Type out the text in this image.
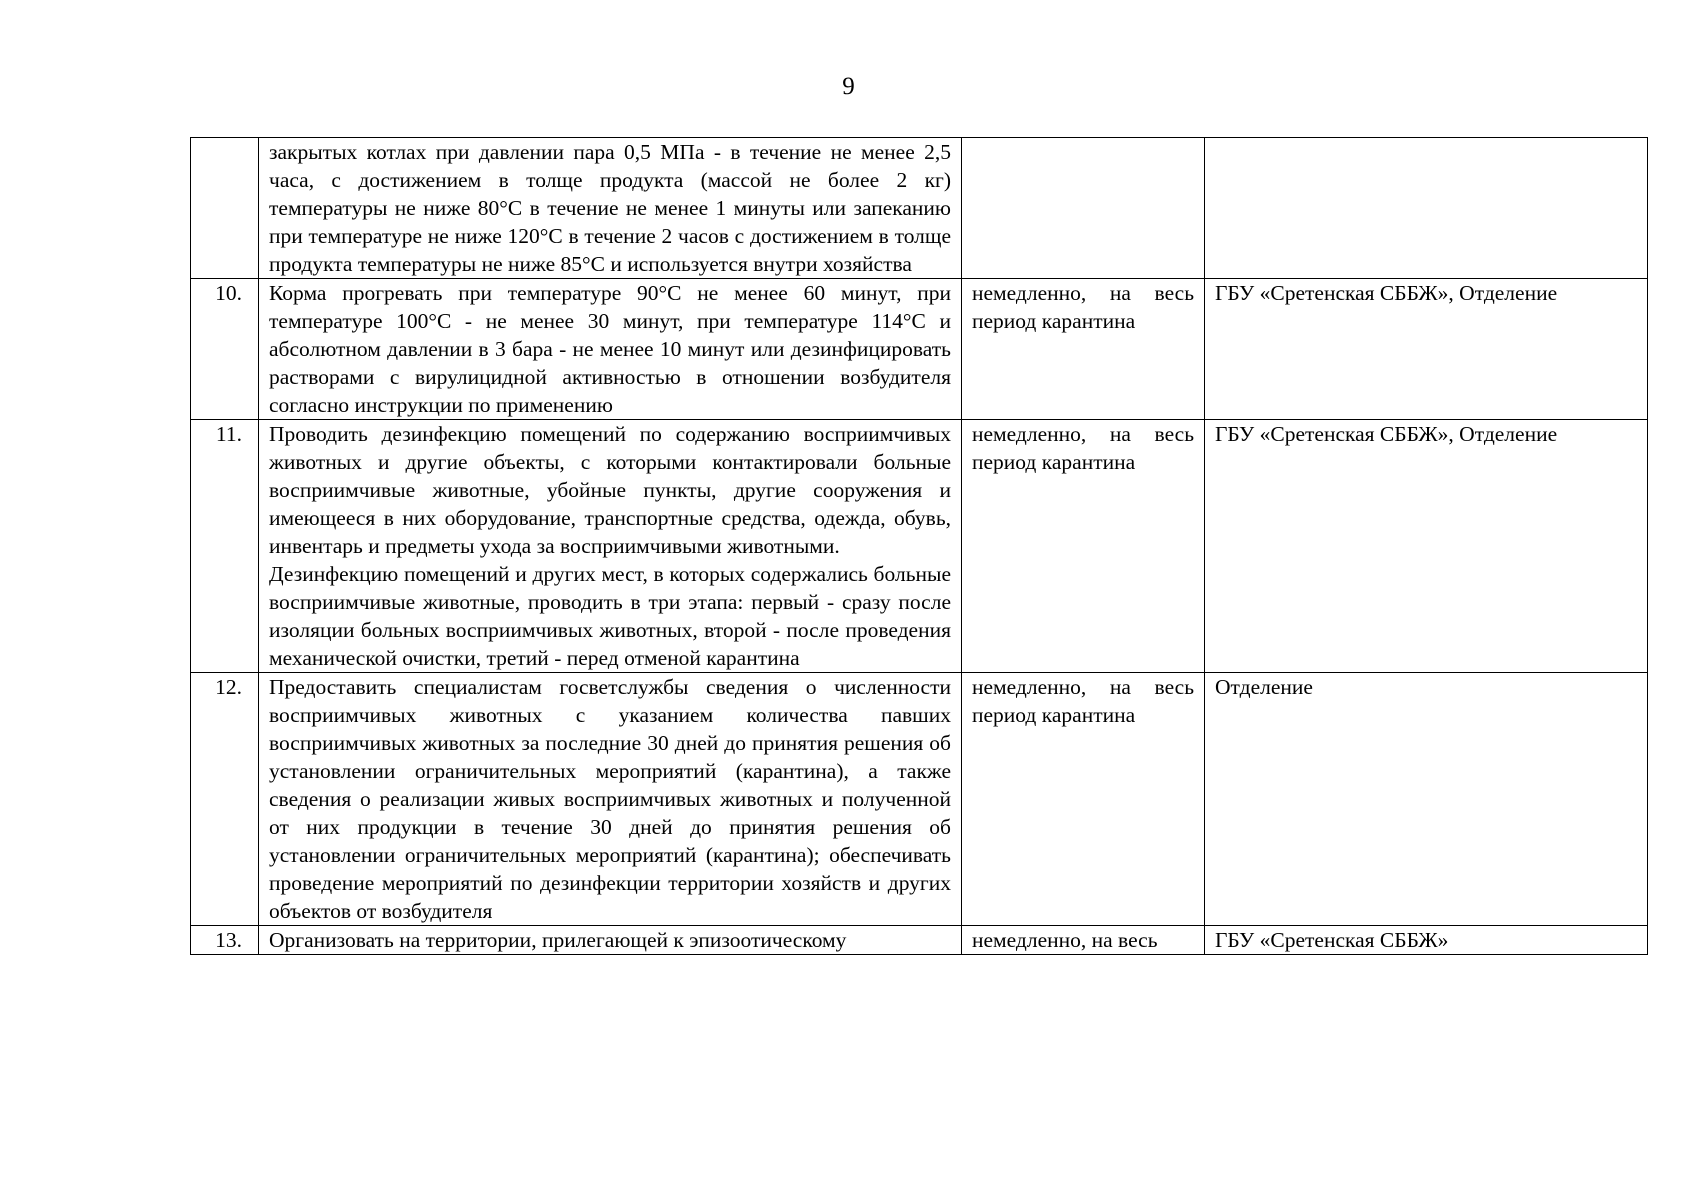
9

	закрытых котлах при давлении пара 0,5 МПа - в течение не менее 2,5 часа, с достижением в толще продукта (массой не более 2 кг) температуры не ниже 80°С в течение не менее 1 минуты или запеканию при температуре не ниже 120°С в течение 2 часов с достижением в толще продукта температуры не ниже 85°С и используется внутри хозяйства		

10.	Корма прогревать при температуре 90°С не менее 60 минут, при температуре 100°С - не менее 30 минут, при температуре 114°С и абсолютном давлении в 3 бара - не менее 10 минут или дезинфицировать растворами с вирулицидной активностью в отношении возбудителя согласно инструкции по применению	немедленно, на весь период карантина	ГБУ «Сретенская СББЖ», Отделение
11.	Проводить дезинфекцию помещений по содержанию восприимчивых животных и другие объекты, с которыми контактировали больные восприимчивые животные, убойные пункты, другие сооружения и имеющееся в них оборудование, транспортные средства, одежда, обувь, инвентарь и предметы ухода за восприимчивыми животными.
Дезинфекцию помещений и других мест, в которых содержались больные восприимчивые животные, проводить в три этапа: первый - сразу после изоляции больных восприимчивых животных, второй - после проведения механической очистки, третий - перед отменой карантина	немедленно, на весь период карантина	ГБУ «Сретенская СББЖ», Отделение
12.	Предоставить специалистам госветслужбы сведения о численности восприимчивых животных с указанием количества павших восприимчивых животных за последние 30 дней до принятия решения об установлении ограничительных мероприятий (карантина), а также сведения о реализации живых восприимчивых животных и полученной от них продукции в течение 30 дней до принятия решения об установлении ограничительных мероприятий (карантина); обеспечивать проведение мероприятий по дезинфекции территории хозяйств и других объектов от возбудителя	немедленно, на весь период карантина	Отделение
13.	Организовать на территории, прилегающей к эпизоотическому	немедленно, на весь	ГБУ «Сретенская СББЖ»
